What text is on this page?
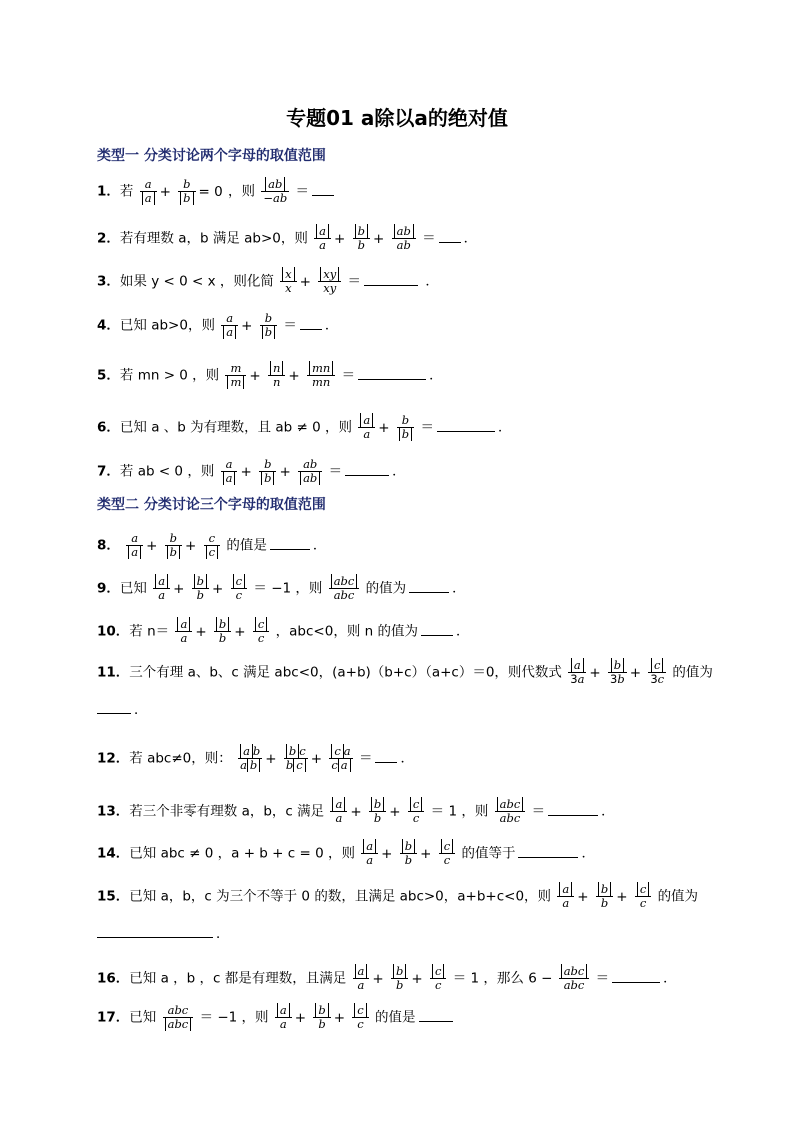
专题01 a除以a的绝对值
类型一 分类讨论两个字母的取值范围
1．若 $\frac{a}{a} + \frac{b}{b} = 0$ ，则 $\frac{ab}{-ab}$ ＝
2．若有理数 a，b 满足 ab>0，则 $\frac{a}{a} + \frac{b}{b} + \frac{ab}{ab}$ ＝ ．
3．如果 y < 0 < x ，则化简 $\frac{x}{x} + \frac{xy}{xy}$ ＝	．
4．已知 ab>0，则 $\frac{a}{a} + \frac{b}{b}$ ＝ ．
5．若 mn > 0 ，则 $\frac{m}{m} + \frac{n}{n} + \frac{mn}{mn}$ ＝	．
6．已知 a 、b 为有理数，且 ab ≠ 0 ，则 $\frac{a}{a} + \frac{b}{b}$ ＝	．
7．若 ab < 0 ，则 $\frac{a}{a} + \frac{b}{b} + \frac{ab}{ab}$ ＝	．
类型二 分类讨论三个字母的取值范围
8． $\frac{a}{a} + \frac{b}{b} + \frac{c}{c}$ 的值是	．
9．已知 $\frac{a}{a} + \frac{b}{b} + \frac{c}{c} = -1$ ，则 $\frac{\text{abc}}{\text{abc}}$ 的值为	．
10．若 $n= \frac{a}{a} + \frac{b}{b} + \frac{c}{c}$ ，abc<0，则 n 的值为	．
11．三个有理 a、b、c 满足 abc<0，(a+b)（b+c）（a+c）＝0，则代数式 $\frac{a}{3a} + \frac{b}{3b} + \frac{c}{3c}$ 的值为
．
12．若 abc≠0，则： $\frac{\text{a b}}{\text{a b}} + \frac{\text{b c}}{\text{b c}} + \frac{\text{c a}}{\text{c a}}$ ＝ ．
13．若三个非零有理数 a，b，c 满足 $\frac{a}{a} + \frac{b}{b} + \frac{c}{c} = 1$ ，则 $\frac{\text{abc}}{\text{abc}}$ ＝	．
14．已知 abc ≠ 0 ，a + b + c = 0 ，则 $\frac{a}{a} + \frac{b}{b} + \frac{c}{c}$ 的值等于	．
15．已知 a，b，c 为三个不等于 0 的数，且满足 abc>0，a+b+c<0，则 $\frac{a}{a} + \frac{b}{b} + \frac{c}{c}$ 的值为
．
16．已知 a ，b ，c 都是有理数，且满足 $\frac{a}{a} + \frac{b}{b} + \frac{c}{c} = 1$ ，那么 $6 - \frac{\text{abc}}{\text{abc}}$ ＝	．
17．已知 $\frac{\text{abc}}{\text{abc}} = -1$ ，则 $\frac{a}{a} + \frac{b}{b} + \frac{c}{c}$ 的值是
